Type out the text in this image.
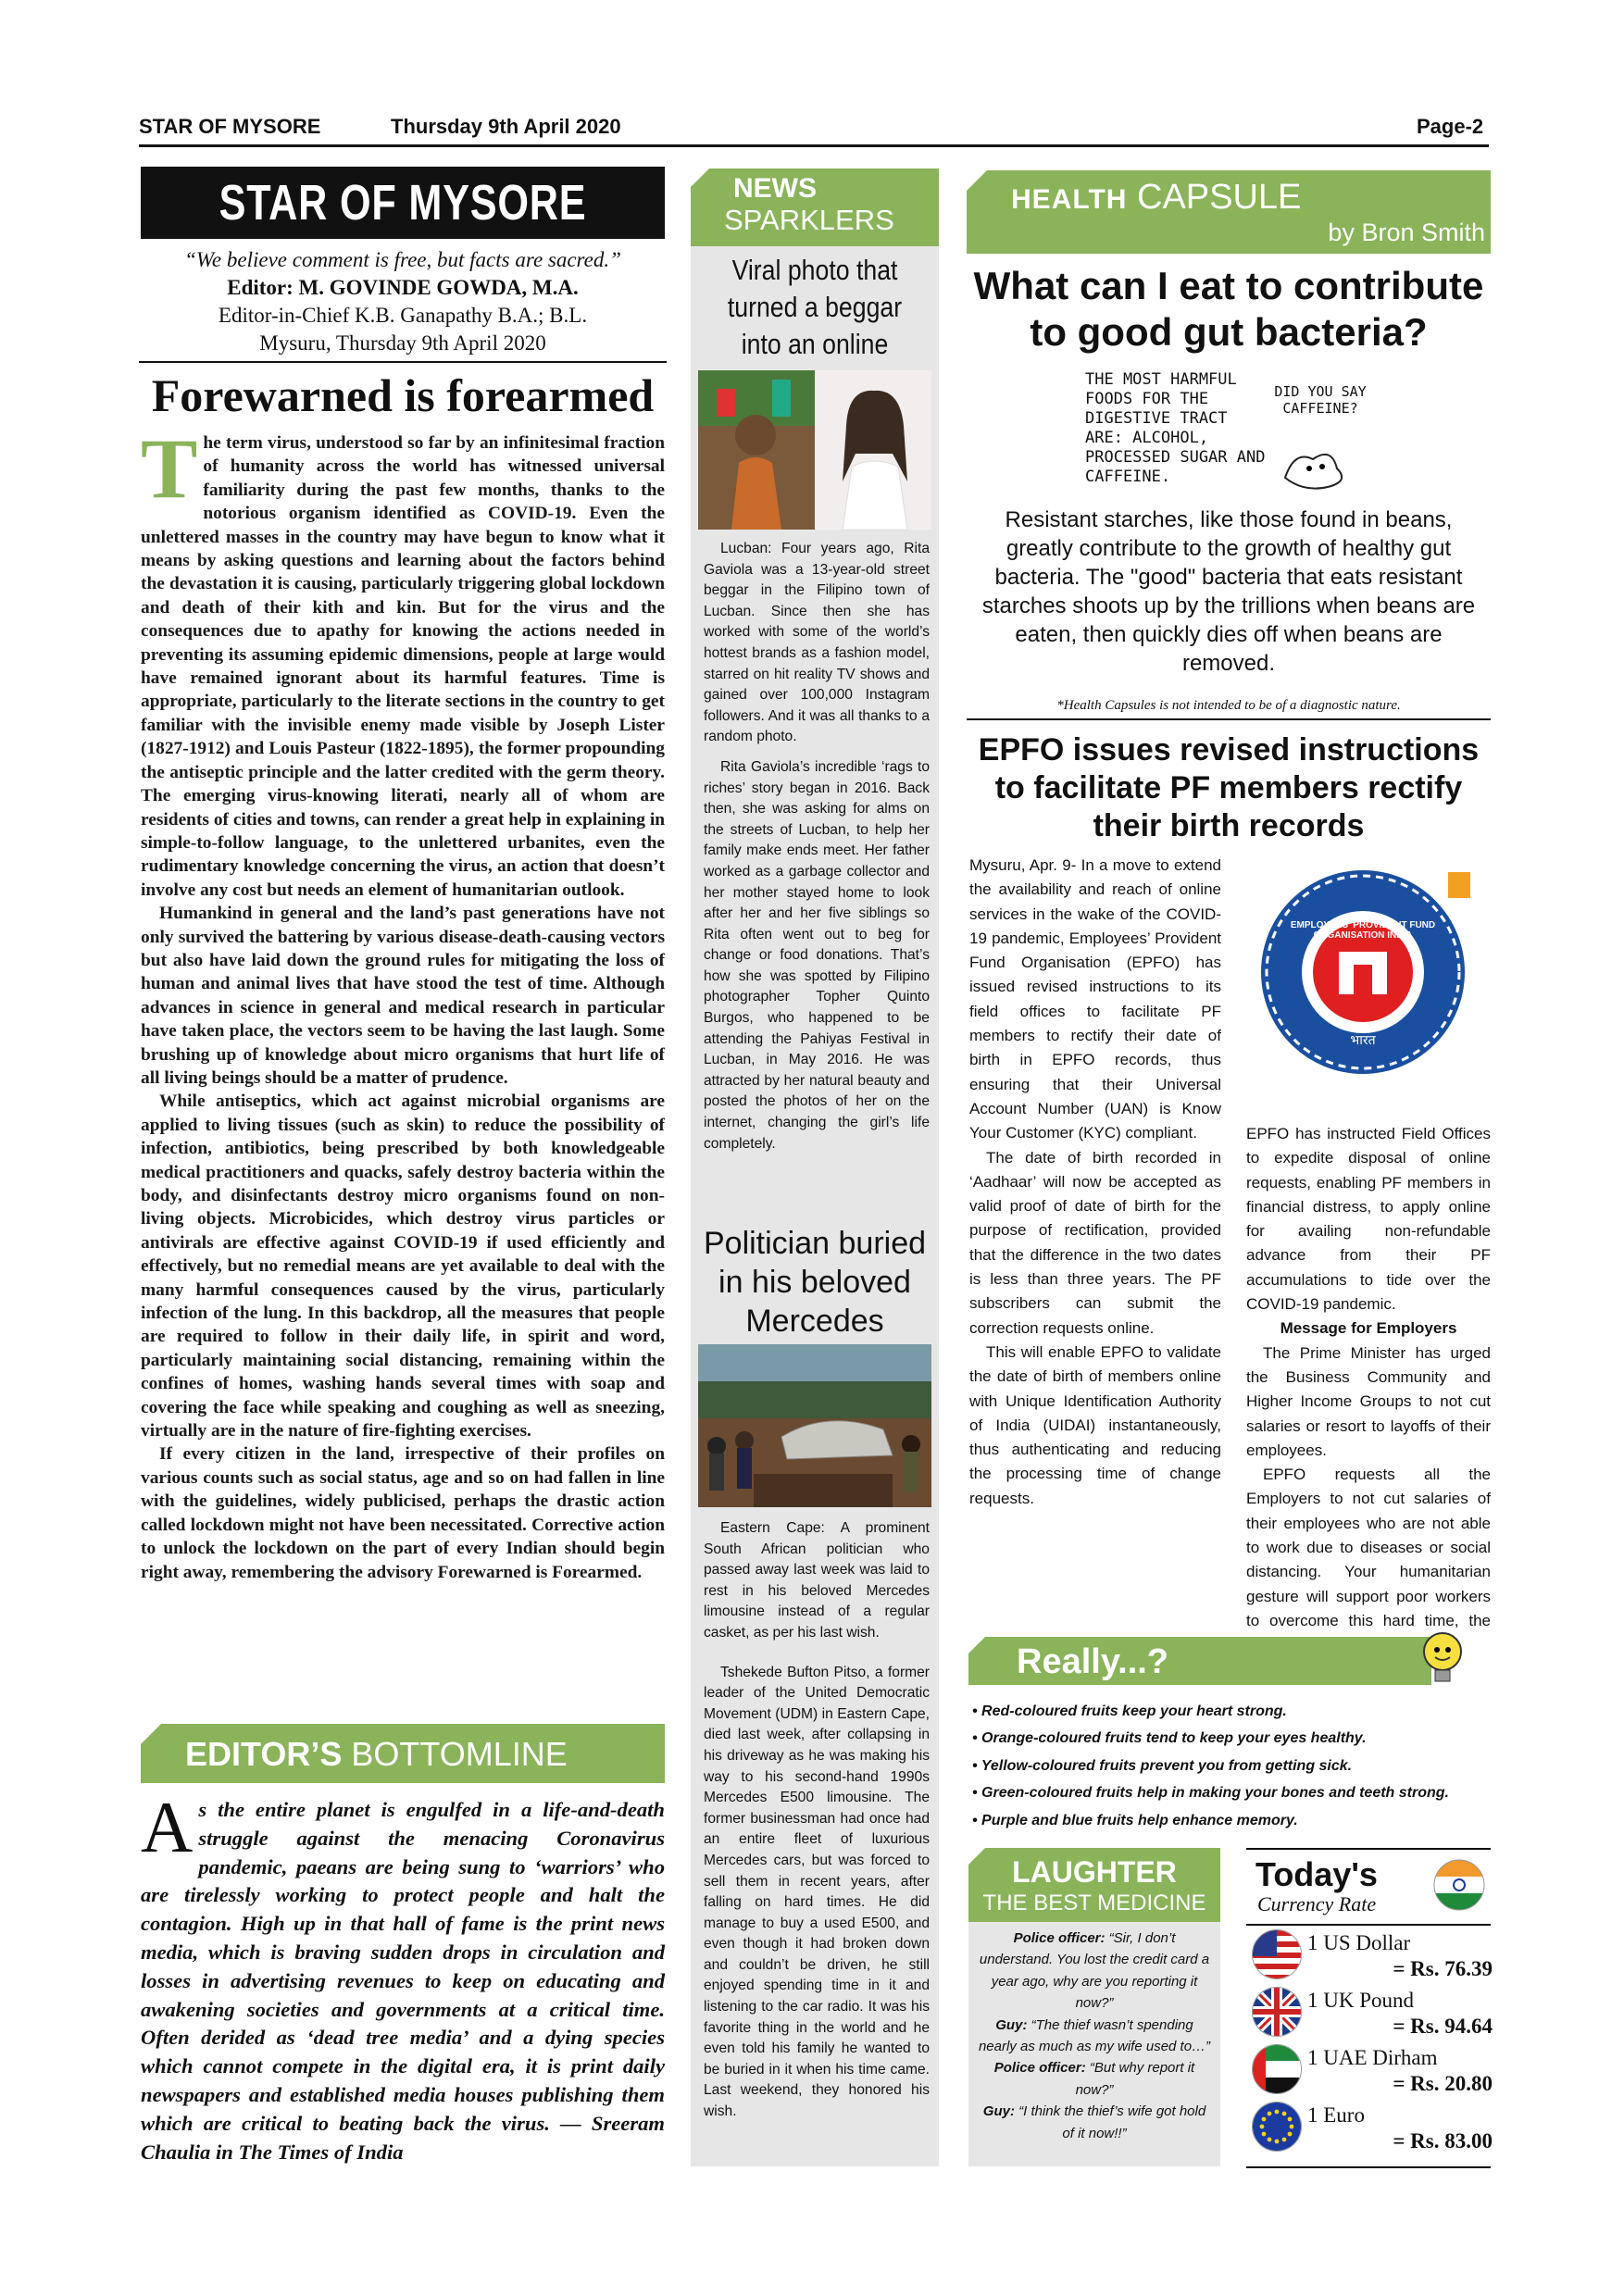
STAR OF MYSORE	Thursday 9th April 2020	Page-2
STAR OF MYSORE
“We believe comment is free, but facts are sacred.”
Editor: M. GOVINDE GOWDA, M.A.
Editor-in-Chief K.B. Ganapathy B.A.; B.L.
Mysuru, Thursday 9th April 2020
Forewarned is forearmed
T he term virus, understood so far by an infinitesimal fraction of humanity across the world has witnessed universal familiarity during the past few months, thanks to the notorious organism identified as COVID-19. Even the unlettered masses in the country may have begun to know what it means by asking questions and learning about the factors behind the devastation it is causing, particularly triggering global lockdown and death of their kith and kin. But for the virus and the consequences due to apathy for knowing the actions needed in preventing its assuming epidemic dimensions, people at large would have remained ignorant about its harmful features. Time is appropriate, particularly to the literate sections in the country to get familiar with the invisible enemy made visible by Joseph Lister (1827-1912) and Louis Pasteur (1822-1895), the former propounding the antiseptic principle and the latter credited with the germ theory. The emerging virus-knowing literati, nearly all of whom are residents of cities and towns, can render a great help in explaining in simple-to-follow language, to the unlettered urbanites, even the rudimentary knowledge concerning the virus, an action that doesn’t involve any cost but needs an element of humanitarian outlook.

Humankind in general and the land’s past generations have not only survived the battering by various disease-death-causing vectors but also have laid down the ground rules for mitigating the loss of human and animal lives that have stood the test of time. Although advances in science in general and medical research in particular have taken place, the vectors seem to be having the last laugh. Some brushing up of knowledge about micro organisms that hurt life of all living beings should be a matter of prudence.

While antiseptics, which act against microbial organisms are applied to living tissues (such as skin) to reduce the possibility of infection, antibiotics, being prescribed by both knowledgeable medical practitioners and quacks, safely destroy bacteria within the body, and disinfectants destroy micro organisms found on non-living objects. Microbicides, which destroy virus particles or antivirals are effective against COVID-19 if used efficiently and effectively, but no remedial means are yet available to deal with the many harmful consequences caused by the virus, particularly infection of the lung. In this backdrop, all the measures that people are required to follow in their daily life, in spirit and word, particularly maintaining social distancing, remaining within the confines of homes, washing hands several times with soap and covering the face while speaking and coughing as well as sneezing, virtually are in the nature of fire-fighting exercises.

If every citizen in the land, irrespective of their profiles on various counts such as social status, age and so on had fallen in line with the guidelines, widely publicised, perhaps the drastic action called lockdown might not have been necessitated. Corrective action to unlock the lockdown on the part of every Indian should begin right away, remembering the advisory Forewarned is Forearmed.

EDITOR’S BOTTOMLINE
A s the entire planet is engulfed in a life-and-death struggle against the menacing Coronavirus pandemic, paeans are being sung to ‘warriors’ who are tirelessly working to protect people and halt the contagion. High up in that hall of fame is the print news media, which is braving sudden drops in circulation and losses in advertising revenues to keep on educating and awakening societies and governments at a critical time. Often derided as ‘dead tree media’ and a dying species which cannot compete in the digital era, it is print daily newspapers and established media houses publishing them which are critical to beating back the virus. — Sreeram Chaulia in The Times of India
NEWS
SPARKLERS
Viral photo that turned a beggar into an online

Lucban: Four years ago, Rita Gaviola was a 13-year-old street beggar in the Filipino town of Lucban. Since then she has worked with some of the world’s hottest brands as a fashion model, starred on hit reality TV shows and gained over 100,000 Instagram followers. And it was all thanks to a random photo.

Rita Gaviola’s incredible ‘rags to riches’ story began in 2016. Back then, she was asking for alms on the streets of Lucban, to help her family make ends meet. Her father worked as a garbage collector and her mother stayed home to look after her and her five siblings so Rita often went out to beg for change or food donations. That’s how she was spotted by Filipino photographer Topher Quinto Burgos, who happened to be attending the Pahiyas Festival in Lucban, in May 2016. He was attracted by her natural beauty and posted the photos of her on the internet, changing the girl’s life completely.

Politician buried in his beloved Mercedes

Eastern Cape: A prominent South African politician who passed away last week was laid to rest in his beloved Mercedes limousine instead of a regular casket, as per his last wish.

Tshekede Bufton Pitso, a former leader of the United Democratic Movement (UDM) in Eastern Cape, died last week, after collapsing in his driveway as he was making his way to his second-hand 1990s Mercedes E500 limousine. The former businessman had once had an entire fleet of luxurious Mercedes cars, but was forced to sell them in recent years, after falling on hard times. He did manage to buy a used E500, and even though it had broken down and couldn’t be driven, he still enjoyed spending time in it and listening to the car radio. It was his favorite thing in the world and he even told his family he wanted to be buried in it when his time came. Last weekend, they honored his wish.

HEALTH CAPSULE
by Bron Smith
What can I eat to contribute to good gut bacteria?
THE MOST HARMFUL FOODS FOR THE DIGESTIVE TRACT ARE: ALCOHOL, PROCESSED SUGAR AND CAFFEINE.
DID YOU SAY CAFFEINE?
Resistant starches, like those found in beans, greatly contribute to the growth of healthy gut bacteria. The "good" bacteria that eats resistant starches shoots up by the trillions when beans are eaten, then quickly dies off when beans are removed.
*Health Capsules is not intended to be of a diagnostic nature.
EPFO issues revised instructions to facilitate PF members rectify their birth records

Mysuru, Apr. 9- In a move to extend the availability and reach of online services in the wake of the COVID-19 pandemic, Employees’ Provident Fund Organisation (EPFO) has issued revised instructions to its field offices to facilitate PF members to rectify their date of birth in EPFO records, thus ensuring that their Universal Account Number (UAN) is Know Your Customer (KYC) compliant.

The date of birth recorded in ‘Aadhaar’ will now be accepted as valid proof of date of birth for the purpose of rectification, provided that the difference in the two dates is less than three years. The PF subscribers can submit the correction requests online.

This will enable EPFO to validate the date of birth of members online with Unique Identification Authority of India (UIDAI) instantaneously, thus authenticating and reducing the processing time of change requests.

भारत
EMPLOYEES' PROVIDENT FUND ORGANISATION INDIA

EPFO has instructed Field Offices to expedite disposal of online requests, enabling PF members in financial distress, to apply online for availing non-refundable advance from their PF accumulations to tide over the COVID-19 pandemic.

Message for Employers

The Prime Minister has urged the Business Community and Higher Income Groups to not cut salaries or resort to layoffs of their employees.

EPFO requests all the Employers to not cut salaries of their employees who are not able to work due to diseases or social distancing. Your humanitarian gesture will support poor workers to overcome this hard time, the

Really...?
• Red-coloured fruits keep your heart strong.
• Orange-coloured fruits tend to keep your eyes healthy.
• Yellow-coloured fruits prevent you from getting sick.
• Green-coloured fruits help in making your bones and teeth strong.
• Purple and blue fruits help enhance memory.
LAUGHTER
THE BEST MEDICINE
Police officer: “Sir, I don’t understand. You lost the credit card a year ago, why are you reporting it now?”
Guy: “The thief wasn’t spending nearly as much as my wife used to…”
Police officer: “But why report it now?”
Guy: “I think the thief’s wife got hold of it now!!”
Today's
Currency Rate
1 US Dollar
= Rs. 76.39
1 UK Pound
= Rs. 94.64
1 UAE Dirham
= Rs. 20.80
1 Euro
= Rs. 83.00
